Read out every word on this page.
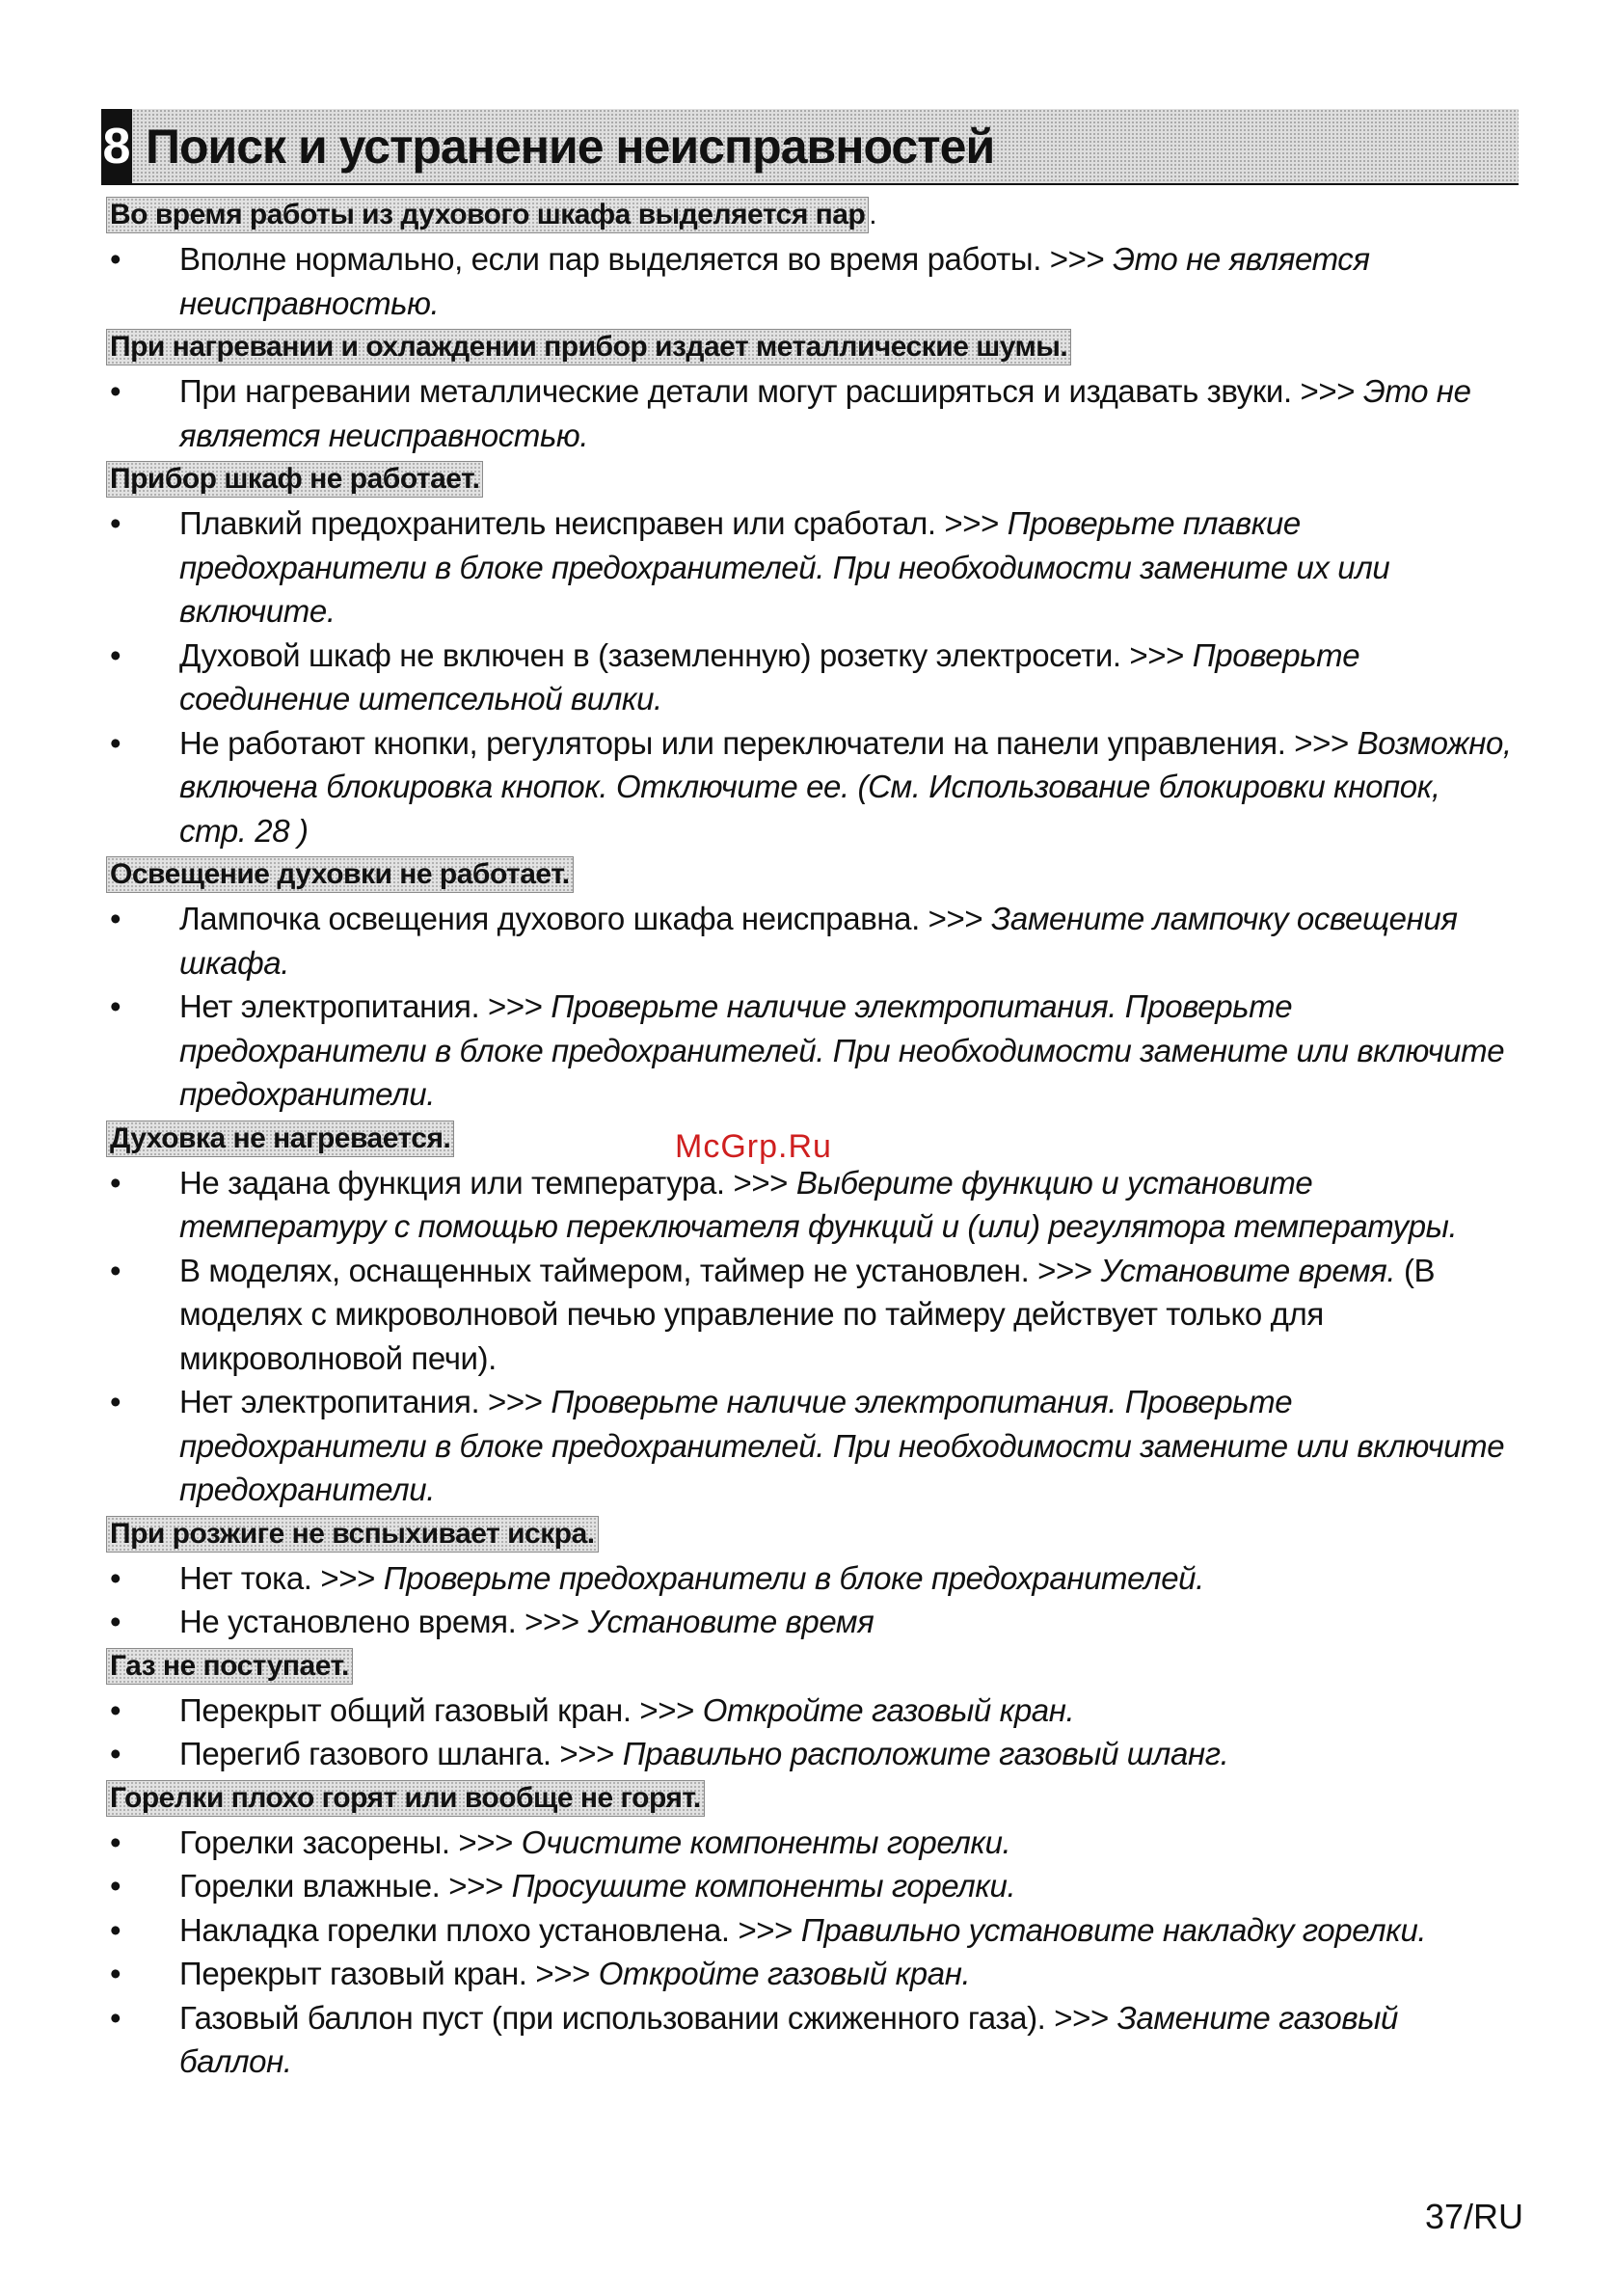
8 Поиск и устранение неисправностей
Во время работы из духового шкафа выделяется пар .
•	Вполне нормально, если пар выделяется во время работы. >>> Это не является неисправностью.
При нагревании и охлаждении прибор издает металлические шумы.
•	При нагревании металлические детали могут расширяться и издавать звуки. >>> Это не является неисправностью.
Прибор шкаф не работает.
•	Плавкий предохранитель неисправен или сработал. >>> Проверьте плавкие предохранители в блоке предохранителей. При необходимости замените их или включите.
•	Духовой шкаф не включен в (заземленную) розетку электросети. >>> Проверьте соединение штепсельной вилки.
•	Не работают кнопки, регуляторы или переключатели на панели управления. >>> Возможно, включена блокировка кнопок. Отключите ее. (См. Использование блокировки кнопок, стр. 28 )
Освещение духовки не работает.
•	Лампочка освещения духового шкафа неисправна. >>> Замените лампочку освещения шкафа.
•	Нет электропитания. >>> Проверьте наличие электропитания. Проверьте предохранители в блоке предохранителей. При необходимости замените или включите предохранители.
Духовка не нагревается.
•	Не задана функция или температура. >>> Выберите функцию и установите температуру с помощью переключателя функций и (или) регулятора температуры.
•	В моделях, оснащенных таймером, таймер не установлен. >>> Установите время. (В моделях с микроволновой печью управление по таймеру действует только для микроволновой печи).
•	Нет электропитания. >>> Проверьте наличие электропитания. Проверьте предохранители в блоке предохранителей. При необходимости замените или включите предохранители.
При розжиге не вспыхивает искра.
•	Нет тока. >>> Проверьте предохранители в блоке предохранителей.
•	Не установлено время. >>> Установите время
Газ не поступает.
•	Перекрыт общий газовый кран. >>> Откройте газовый кран.
•	Перегиб газового шланга. >>> Правильно расположите газовый шланг.
Горелки плохо горят или вообще не горят.
•	Горелки засорены. >>> Очистите компоненты горелки.
•	Горелки влажные. >>> Просушите компоненты горелки.
•	Накладка горелки плохо установлена. >>> Правильно установите накладку горелки.
•	Перекрыт газовый кран. >>> Откройте газовый кран.
•	Газовый баллон пуст (при использовании сжиженного газа). >>> Замените газовый баллон.
McGrp.Ru
37/RU
